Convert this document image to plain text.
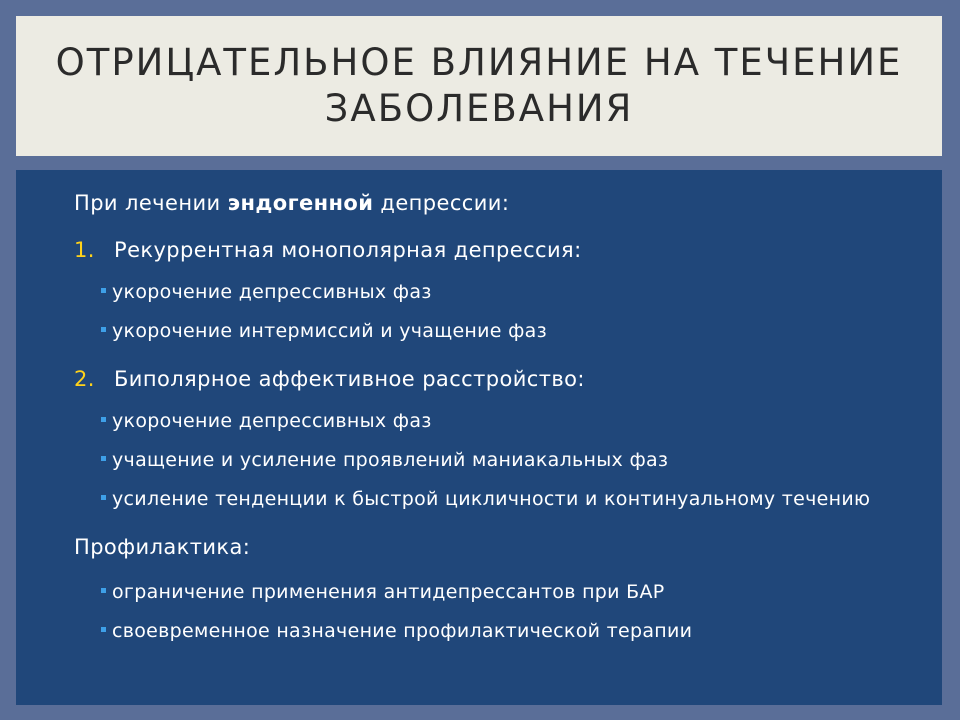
ОТРИЦАТЕЛЬНОЕ ВЛИЯНИЕ НА ТЕЧЕНИЕ ЗАБОЛЕВАНИЯ
При лечении эндогенной депрессии:
1. Рекуррентная монополярная депрессия:
укорочение депрессивных фаз
укорочение интермиссий и учащение фаз
2. Биполярное аффективное расстройство:
укорочение депрессивных фаз
учащение и усиление проявлений маниакальных фаз
усиление тенденции к быстрой цикличности и континуальному течению
Профилактика:
ограничение применения антидепрессантов при БАР
своевременное назначение профилактической терапии
